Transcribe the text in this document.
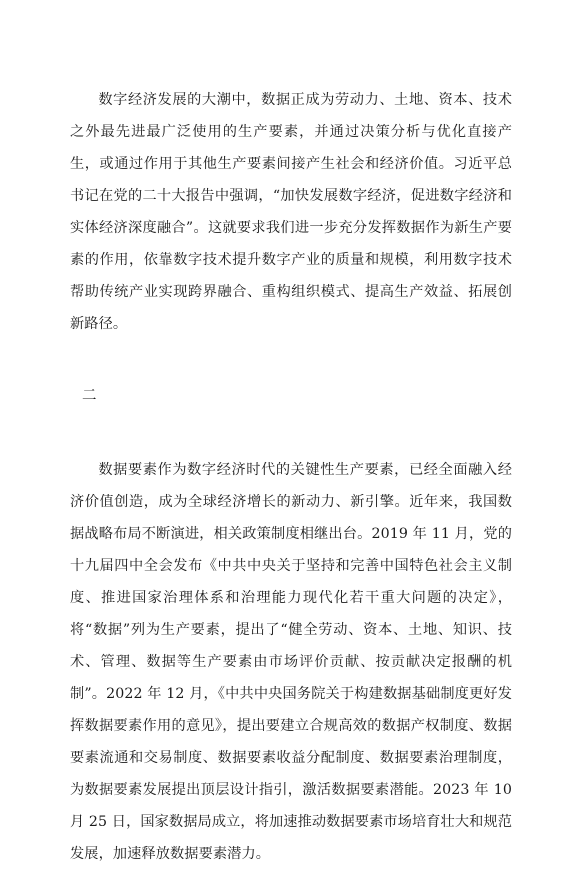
数字经济发展的大潮中，数据正成为劳动力、土地、资本、技术之外最先进最广泛使用的生产要素，并通过决策分析与优化直接产生，或通过作用于其他生产要素间接产生社会和经济价值。习近平总书记在党的二十大报告中强调，“加快发展数字经济，促进数字经济和实体经济深度融合”。这就要求我们进一步充分发挥数据作为新生产要素的作用，依靠数字技术提升数字产业的质量和规模，利用数字技术帮助传统产业实现跨界融合、重构组织模式、提高生产效益、拓展创新路径。

二

数据要素作为数字经济时代的关键性生产要素，已经全面融入经济价值创造，成为全球经济增长的新动力、新引擎。近年来，我国数据战略布局不断演进，相关政策制度相继出台。2019 年 11 月，党的十九届四中全会发布《中共中央关于坚持和完善中国特色社会主义制度、推进国家治理体系和治理能力现代化若干重大问题的决定》，将“数据”列为生产要素，提出了“健全劳动、资本、土地、知识、技术、管理、数据等生产要素由市场评价贡献、按贡献决定报酬的机制”。2022 年 12 月，《中共中央国务院关于构建数据基础制度更好发挥数据要素作用的意见》，提出要建立合规高效的数据产权制度、数据要素流通和交易制度、数据要素收益分配制度、数据要素治理制度，为数据要素发展提出顶层设计指引，激活数据要素潜能。2023 年 10 月 25 日，国家数据局成立，将加速推动数据要素市场培育壮大和规范发展，加速释放数据要素潜力。
